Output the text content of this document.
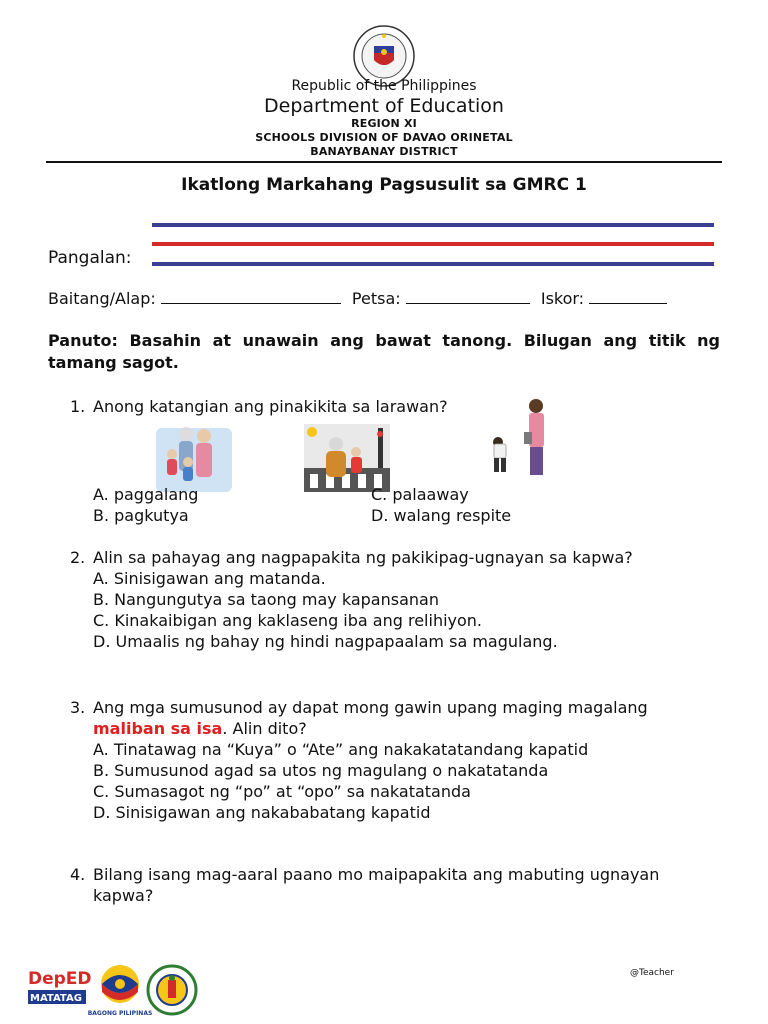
Republic of the Philippines
Department of Education
REGION XI
SCHOOLS DIVISION OF DAVAO ORINETAL
BANAYBANAY DISTRICT
Ikatlong Markahang Pagsusulit sa GMRC 1
Pangalan:
Baitang/Alap:	Petsa:	Iskor:
Panuto: Basahin at unawain ang bawat tanong. Bilugan ang titik ng tamang sagot.
1. Anong katangian ang pinakikita sa larawan?
A. paggalang
B. pagkutya
C. palaaway
D. walang respite
2. Alin sa pahayag ang nagpapakita ng pakikipag-ugnayan sa kapwa?
A. Sinisigawan ang matanda.
B. Nangungutya sa taong may kapansanan
C. Kinakaibigan ang kaklaseng iba ang relihiyon.
D. Umaalis ng bahay ng hindi nagpapaalam sa magulang.
3. Ang mga sumusunod ay dapat mong gawin upang maging magalang maliban sa isa. Alin dito?
A. Tinatawag na “Kuya” o “Ate” ang nakakatatandang kapatid
B. Sumusunod agad sa utos ng magulang o nakatatanda
C. Sumasagot ng “po” at “opo” sa nakatatanda
D. Sinisigawan ang nakababatang kapatid
4. Bilang isang mag-aaral paano mo maipapakita ang mabuting ugnayan kapwa?
DepED
MATATAG
BAGONG PILIPINAS
@Teacher
